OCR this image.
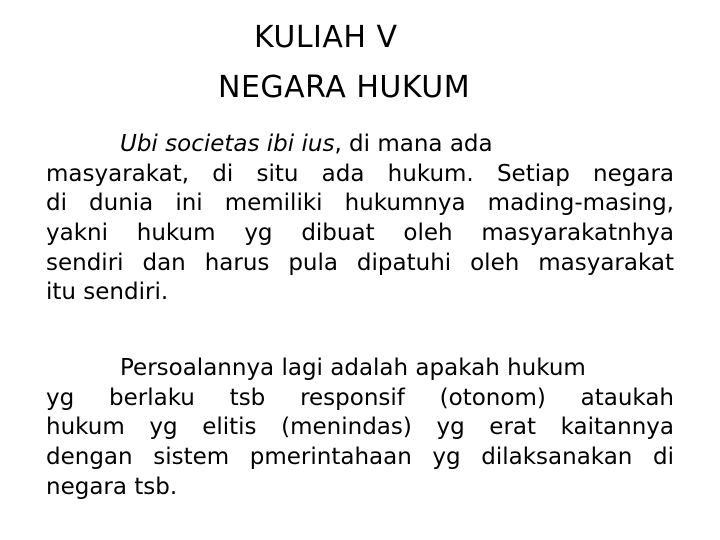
KULIAH V
NEGARA HUKUM
Ubi societas ibi ius, di mana ada
masyarakat, di situ ada hukum. Setiap negara
di dunia ini memiliki hukumnya mading-masing,
yakni hukum yg dibuat oleh masyarakatnhya
sendiri dan harus pula dipatuhi oleh masyarakat
itu sendiri.
Persoalannya lagi adalah apakah hukum
yg berlaku tsb responsif (otonom) ataukah
hukum yg elitis (menindas) yg erat kaitannya
dengan sistem pmerintahaan yg dilaksanakan di
negara tsb.
